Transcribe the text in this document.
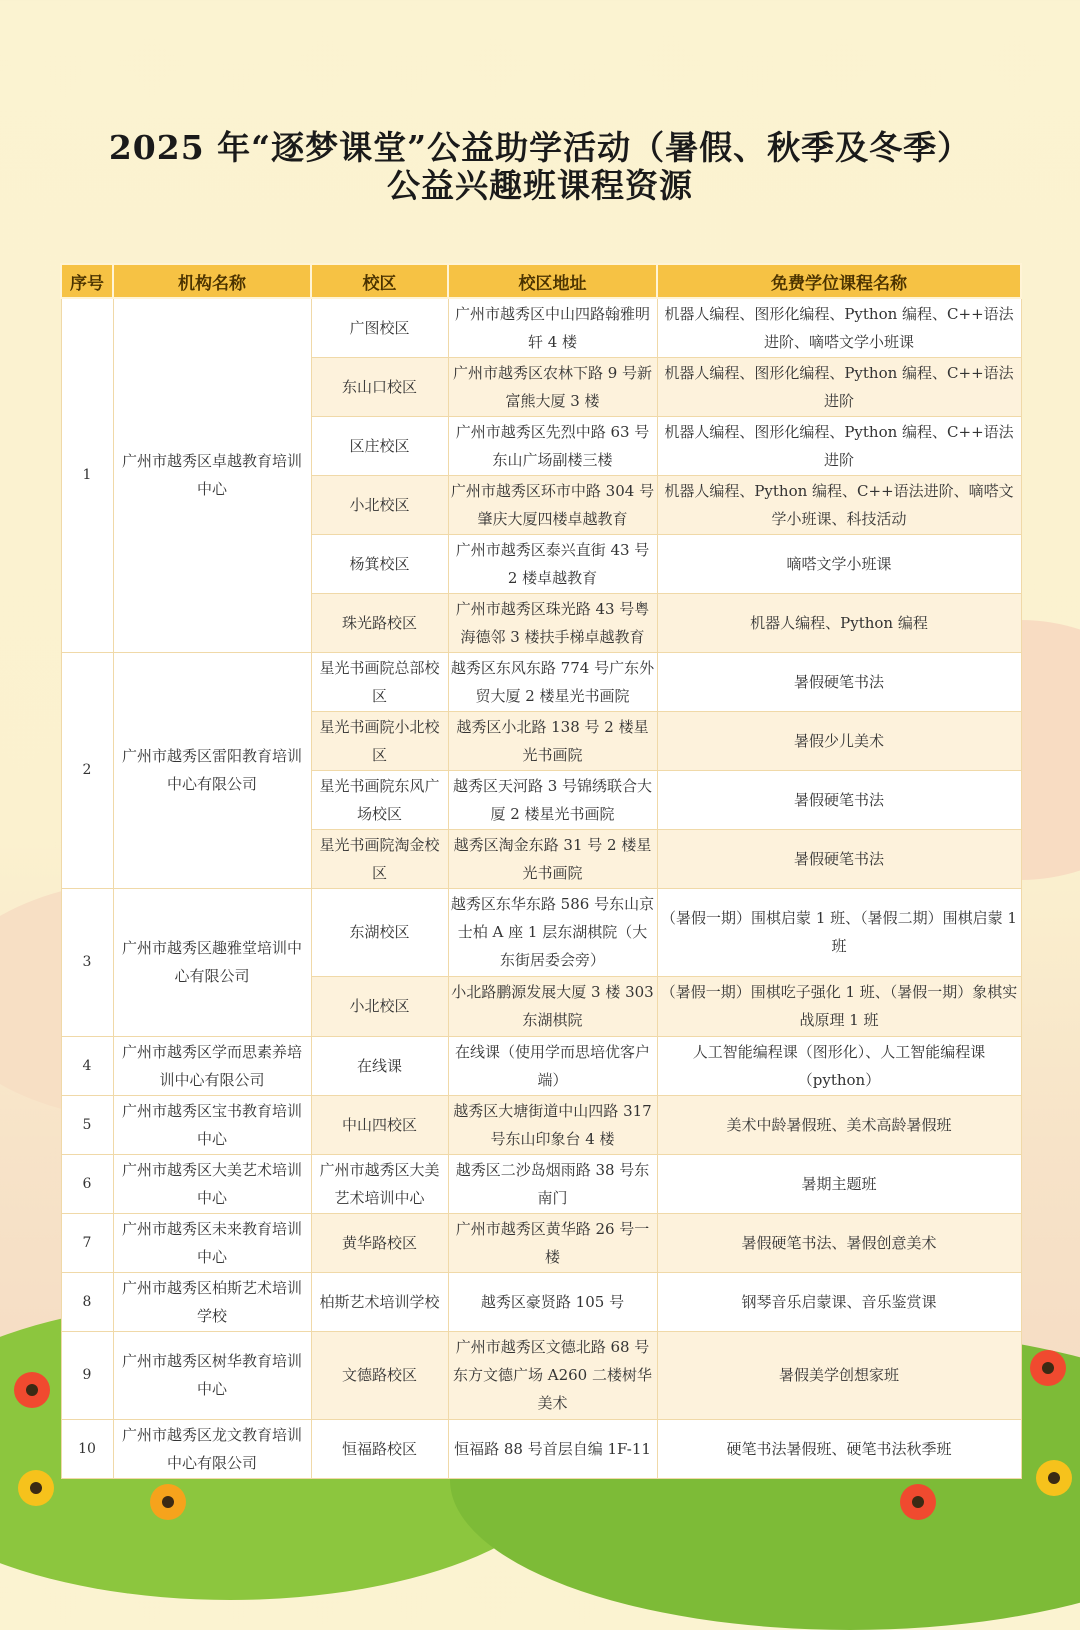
2025 年“逐梦课堂”公益助学活动（暑假、秋季及冬季）
公益兴趣班课程资源
序号	机构名称	校区	校区地址	免费学位课程名称
1	广州市越秀区卓越教育培训中心	广图校区	广州市越秀区中山四路翰雅明轩 4 楼	机器人编程、图形化编程、Python 编程、C++语法进阶、嘀嗒文学小班课
		东山口校区	广州市越秀区农林下路 9 号新富熊大厦 3 楼	机器人编程、图形化编程、Python 编程、C++语法进阶
		区庄校区	广州市越秀区先烈中路 63 号东山广场副楼三楼	机器人编程、图形化编程、Python 编程、C++语法进阶
		小北校区	广州市越秀区环市中路 304 号肇庆大厦四楼卓越教育	机器人编程、Python 编程、C++语法进阶、嘀嗒文学小班课、科技活动
		杨箕校区	广州市越秀区泰兴直街 43 号 2 楼卓越教育	嘀嗒文学小班课
		珠光路校区	广州市越秀区珠光路 43 号粤海德邻 3 楼扶手梯卓越教育	机器人编程、Python 编程
2	广州市越秀区雷阳教育培训中心有限公司	星光书画院总部校区	越秀区东风东路 774 号广东外贸大厦 2 楼星光书画院	暑假硬笔书法
		星光书画院小北校区	越秀区小北路 138 号 2 楼星光书画院	暑假少儿美术
		星光书画院东风广场校区	越秀区天河路 3 号锦绣联合大厦 2 楼星光书画院	暑假硬笔书法
		星光书画院淘金校区	越秀区淘金东路 31 号 2 楼星光书画院	暑假硬笔书法
3	广州市越秀区趣雅堂培训中心有限公司	东湖校区	越秀区东华东路 586 号东山京士柏 A 座 1 层东湖棋院（大东街居委会旁）	（暑假一期）围棋启蒙 1 班、（暑假二期）围棋启蒙 1 班
		小北校区	小北路鹏源发展大厦 3 楼 303 东湖棋院	（暑假一期）围棋吃子强化 1 班、（暑假一期）象棋实战原理 1 班
4	广州市越秀区学而思素养培训中心有限公司	在线课	在线课（使用学而思培优客户端）	人工智能编程课（图形化）、人工智能编程课（python）
5	广州市越秀区宝书教育培训中心	中山四校区	越秀区大塘街道中山四路 317 号东山印象台 4 楼	美术中龄暑假班、美术高龄暑假班
6	广州市越秀区大美艺术培训中心	广州市越秀区大美艺术培训中心	越秀区二沙岛烟雨路 38 号东南门	暑期主题班
7	广州市越秀区未来教育培训中心	黄华路校区	广州市越秀区黄华路 26 号一楼	暑假硬笔书法、暑假创意美术
8	广州市越秀区柏斯艺术培训学校	柏斯艺术培训学校	越秀区豪贤路 105 号	钢琴音乐启蒙课、音乐鉴赏课
9	广州市越秀区树华教育培训中心	文德路校区	广州市越秀区文德北路 68 号东方文德广场 A260 二楼树华美术	暑假美学创想家班
10	广州市越秀区龙文教育培训中心有限公司	恒福路校区	恒福路 88 号首层自编 1F-11	硬笔书法暑假班、硬笔书法秋季班
